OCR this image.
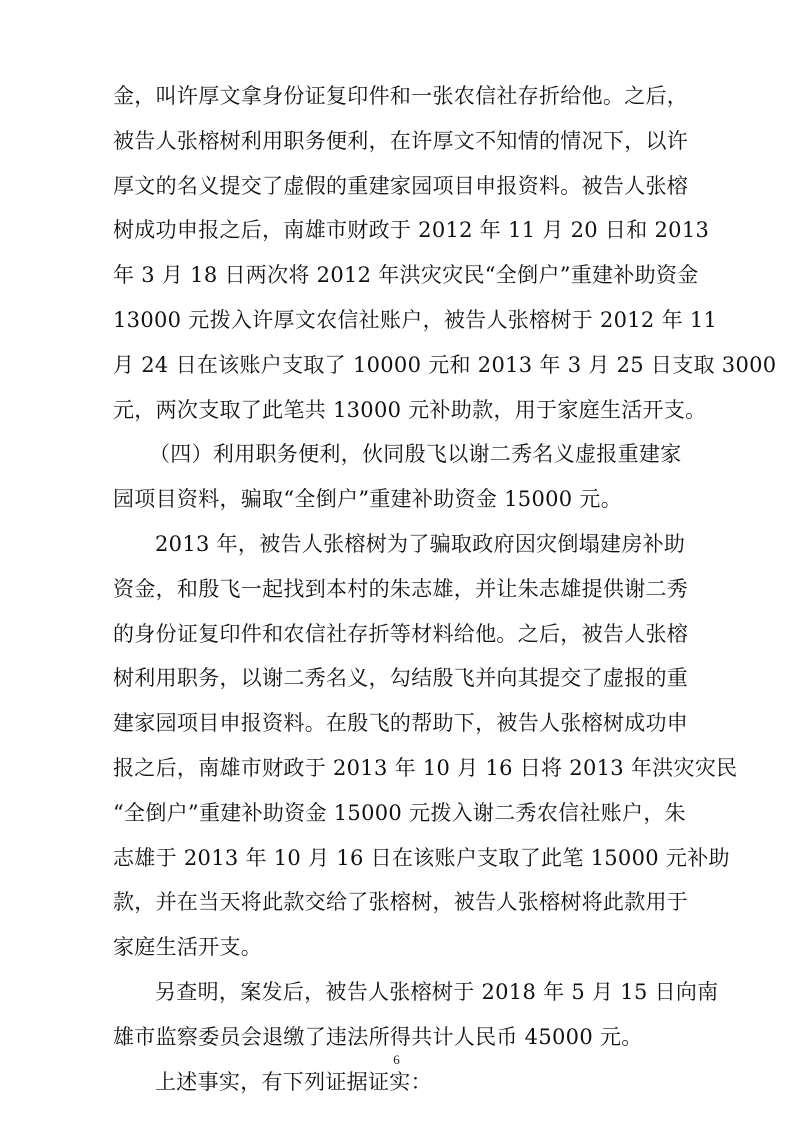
金，叫许厚文拿身份证复印件和一张农信社存折给他。之后，
被告人张榕树利用职务便利，在许厚文不知情的情况下，以许
厚文的名义提交了虚假的重建家园项目申报资料。被告人张榕
树成功申报之后，南雄市财政于 2012 年 11 月 20 日和 2013
年 3 月 18 日两次将 2012 年洪灾灾民“全倒户”重建补助资金
13000 元拨入许厚文农信社账户，被告人张榕树于 2012 年 11
月 24 日在该账户支取了 10000 元和 2013 年 3 月 25 日支取 3000
元，两次支取了此笔共 13000 元补助款，用于家庭生活开支。
（四）利用职务便利，伙同殷飞以谢二秀名义虚报重建家
园项目资料，骗取“全倒户”重建补助资金 15000 元。
2013 年，被告人张榕树为了骗取政府因灾倒塌建房补助
资金，和殷飞一起找到本村的朱志雄，并让朱志雄提供谢二秀
的身份证复印件和农信社存折等材料给他。之后，被告人张榕
树利用职务，以谢二秀名义，勾结殷飞并向其提交了虚报的重
建家园项目申报资料。在殷飞的帮助下，被告人张榕树成功申
报之后，南雄市财政于 2013 年 10 月 16 日将 2013 年洪灾灾民
“全倒户”重建补助资金 15000 元拨入谢二秀农信社账户，朱
志雄于 2013 年 10 月 16 日在该账户支取了此笔 15000 元补助
款，并在当天将此款交给了张榕树，被告人张榕树将此款用于
家庭生活开支。
另查明，案发后，被告人张榕树于 2018 年 5 月 15 日向南
雄市监察委员会退缴了违法所得共计人民币 45000 元。
上述事实，有下列证据证实：
6
